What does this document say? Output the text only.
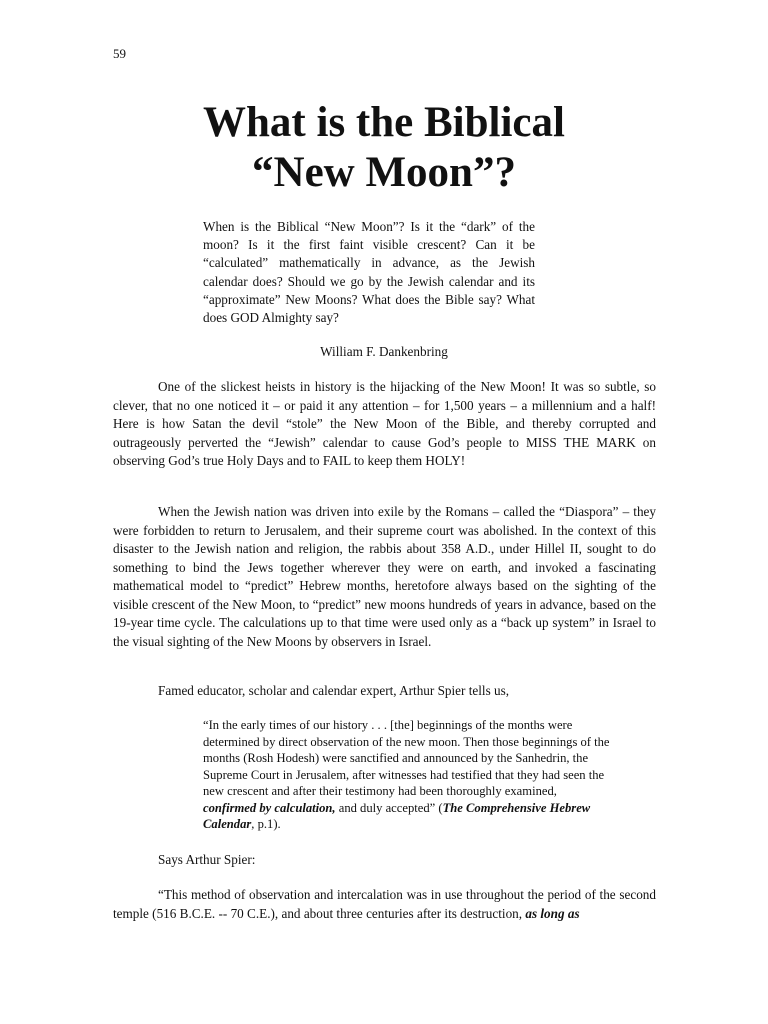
59
What is the Biblical
“New Moon”?

When is the Biblical “New Moon”? Is it the “dark” of the moon? Is it the first faint visible crescent? Can it be “calculated” mathematically in advance, as the Jewish calendar does? Should we go by the Jewish calendar and its “approximate” New Moons? What does the Bible say? What does GOD Almighty say?

William F. Dankenbring

One of the slickest heists in history is the hijacking of the New Moon! It was so subtle, so clever, that no one noticed it – or paid it any attention – for 1,500 years – a millennium and a half! Here is how Satan the devil “stole” the New Moon of the Bible, and thereby corrupted and outrageously perverted the “Jewish” calendar to cause God’s people to MISS THE MARK on observing God’s true Holy Days and to FAIL to keep them HOLY!

When the Jewish nation was driven into exile by the Romans – called the “Diaspora” – they were forbidden to return to Jerusalem, and their supreme court was abolished. In the context of this disaster to the Jewish nation and religion, the rabbis about 358 A.D., under Hillel II, sought to do something to bind the Jews together wherever they were on earth, and invoked a fascinating mathematical model to “predict” Hebrew months, heretofore always based on the sighting of the visible crescent of the New Moon, to “predict” new moons hundreds of years in advance, based on the 19-year time cycle. The calculations up to that time were used only as a “back up system” in Israel to the visual sighting of the New Moons by observers in Israel.

Famed educator, scholar and calendar expert, Arthur Spier tells us,

“In the early times of our history . . . [the] beginnings of the months were determined by direct observation of the new moon. Then those beginnings of the months (Rosh Hodesh) were sanctified and announced by the Sanhedrin, the Supreme Court in Jerusalem, after witnesses had testified that they had seen the new crescent and after their testimony had been thoroughly examined, confirmed by calculation, and duly accepted” (The Comprehensive Hebrew Calendar, p.1).

Says Arthur Spier:

“This method of observation and intercalation was in use throughout the period of the second temple (516 B.C.E. -- 70 C.E.), and about three centuries after its destruction, as long as
